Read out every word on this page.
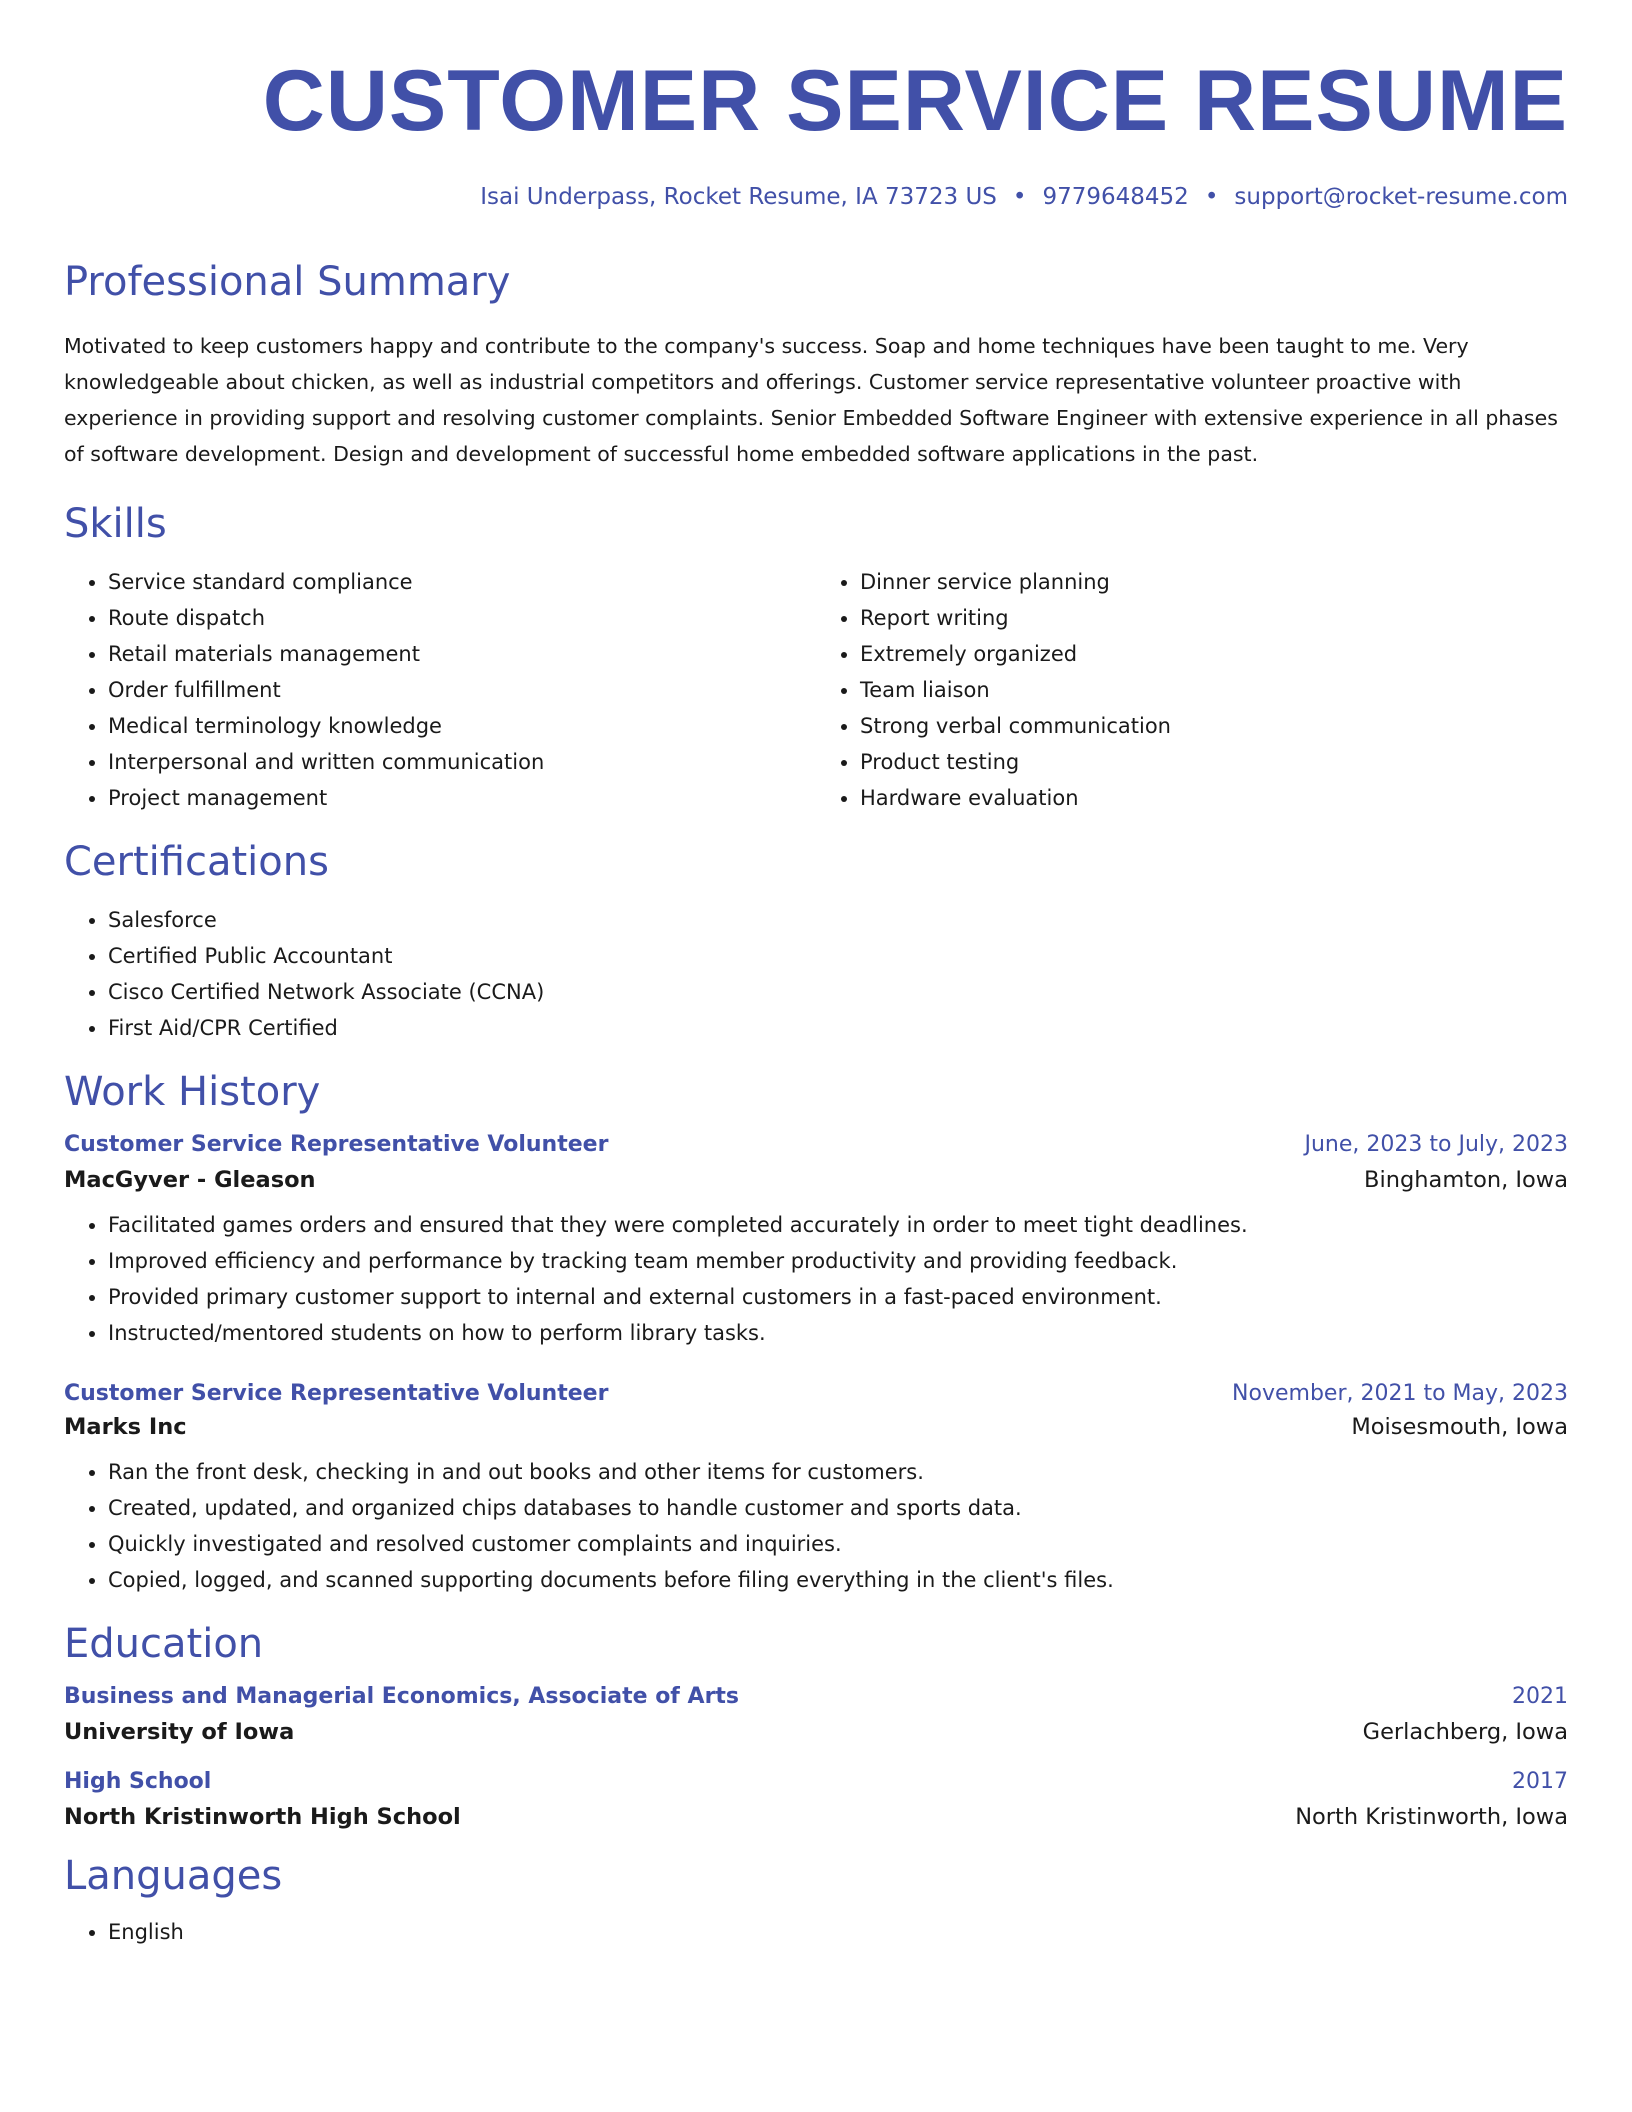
CUSTOMER SERVICE RESUME
Isai Underpass, Rocket Resume, IA 73723 US • 9779648452 • support@rocket-resume.com
Professional Summary

Motivated to keep customers happy and contribute to the company's success. Soap and home techniques have been taught to me. Very knowledgeable about chicken, as well as industrial competitors and offerings. Customer service representative volunteer proactive with experience in providing support and resolving customer complaints. Senior Embedded Software Engineer with extensive experience in all phases of software development. Design and development of successful home embedded software applications in the past.

Skills
• Service standard compliance
• Route dispatch
• Retail materials management
• Order fulfillment
• Medical terminology knowledge
• Interpersonal and written communication
• Project management
• Dinner service planning
• Report writing
• Extremely organized
• Team liaison
• Strong verbal communication
• Product testing
• Hardware evaluation
Certifications
• Salesforce
• Certified Public Accountant
• Cisco Certified Network Associate (CCNA)
• First Aid/CPR Certified
Work History
Customer Service Representative Volunteer	June, 2023 to July, 2023
MacGyver - Gleason	Binghamton, Iowa
• Facilitated games orders and ensured that they were completed accurately in order to meet tight deadlines.
• Improved efficiency and performance by tracking team member productivity and providing feedback.
• Provided primary customer support to internal and external customers in a fast-paced environment.
• Instructed/mentored students on how to perform library tasks.
Customer Service Representative Volunteer	November, 2021 to May, 2023
Marks Inc	Moisesmouth, Iowa
• Ran the front desk, checking in and out books and other items for customers.
• Created, updated, and organized chips databases to handle customer and sports data.
• Quickly investigated and resolved customer complaints and inquiries.
• Copied, logged, and scanned supporting documents before filing everything in the client's files.
Education
Business and Managerial Economics, Associate of Arts	2021
University of Iowa	Gerlachberg, Iowa
High School	2017
North Kristinworth High School	North Kristinworth, Iowa
Languages
• English
